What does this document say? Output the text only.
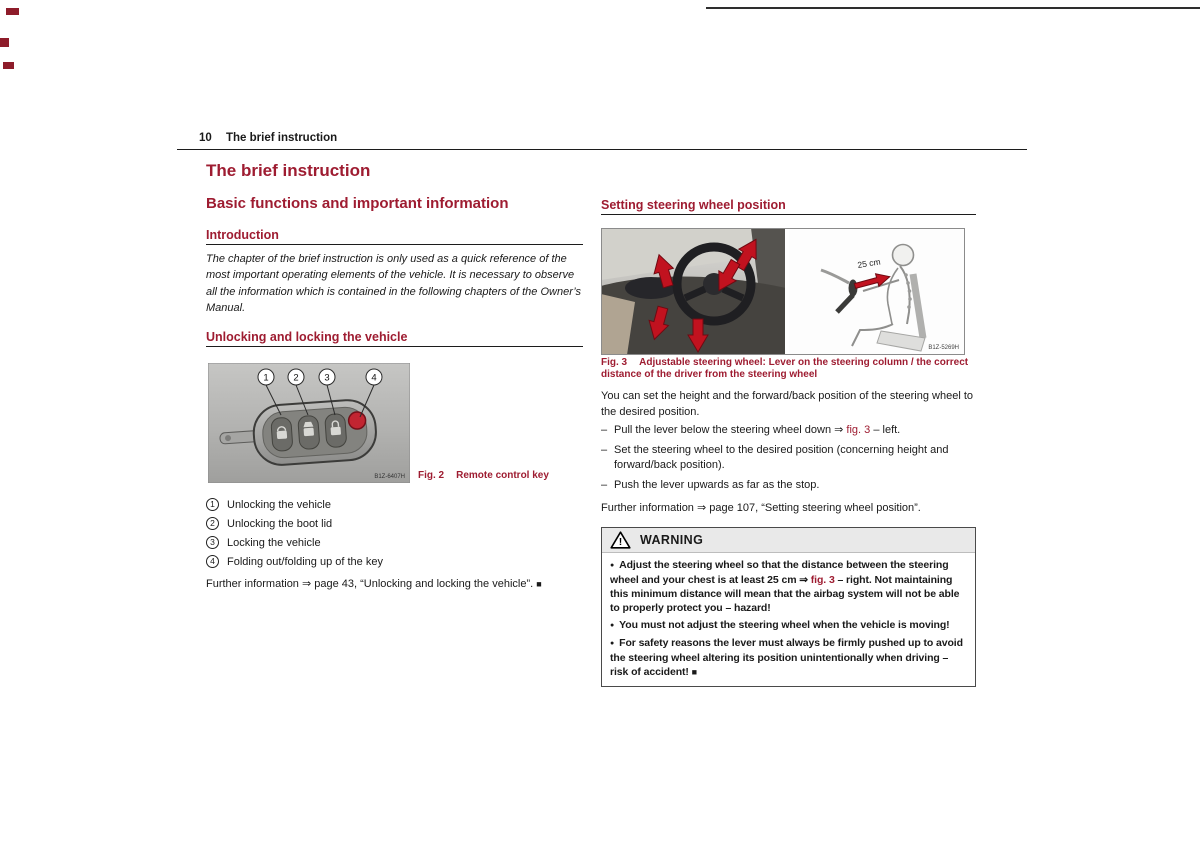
10 The brief instruction
The brief instruction
Basic functions and important information
Introduction

The chapter of the brief instruction is only used as a quick reference of the most important operating elements of the vehicle. It is necessary to observe all the information which is contained in the following chapters of the Owner’s Manual.

Unlocking and locking the vehicle
1	2	3	4
B1Z-6407H Fig. 2 Remote control key

1	Unlocking the vehicle
2	Unlocking the boot lid
3	Locking the vehicle
4	Folding out/folding up of the key

Further information ⇒ page 43, “Unlocking and locking the vehicle”. ■

Setting steering wheel position
25 cm
B1Z-5269H

Fig. 3 Adjustable steering wheel: Lever on the steering column / the correct distance of the driver from the steering wheel

You can set the height and the forward/back position of the steering wheel to the desired position.

– Pull the lever below the steering wheel down ⇒ fig. 3 – left.

– Set the steering wheel to the desired position (concerning height and forward/back position).

– Push the lever upwards as far as the stop.

Further information ⇒ page 107, “Setting steering wheel position”.

! WARNING

● Adjust the steering wheel so that the distance between the steering wheel and your chest is at least 25 cm ⇒ fig. 3 – right. Not maintaining this minimum distance will mean that the airbag system will not be able to properly protect you – hazard!

● You must not adjust the steering wheel when the vehicle is moving!

● For safety reasons the lever must always be firmly pushed up to avoid the steering wheel altering its position unintentionally when driving – risk of accident! ■
